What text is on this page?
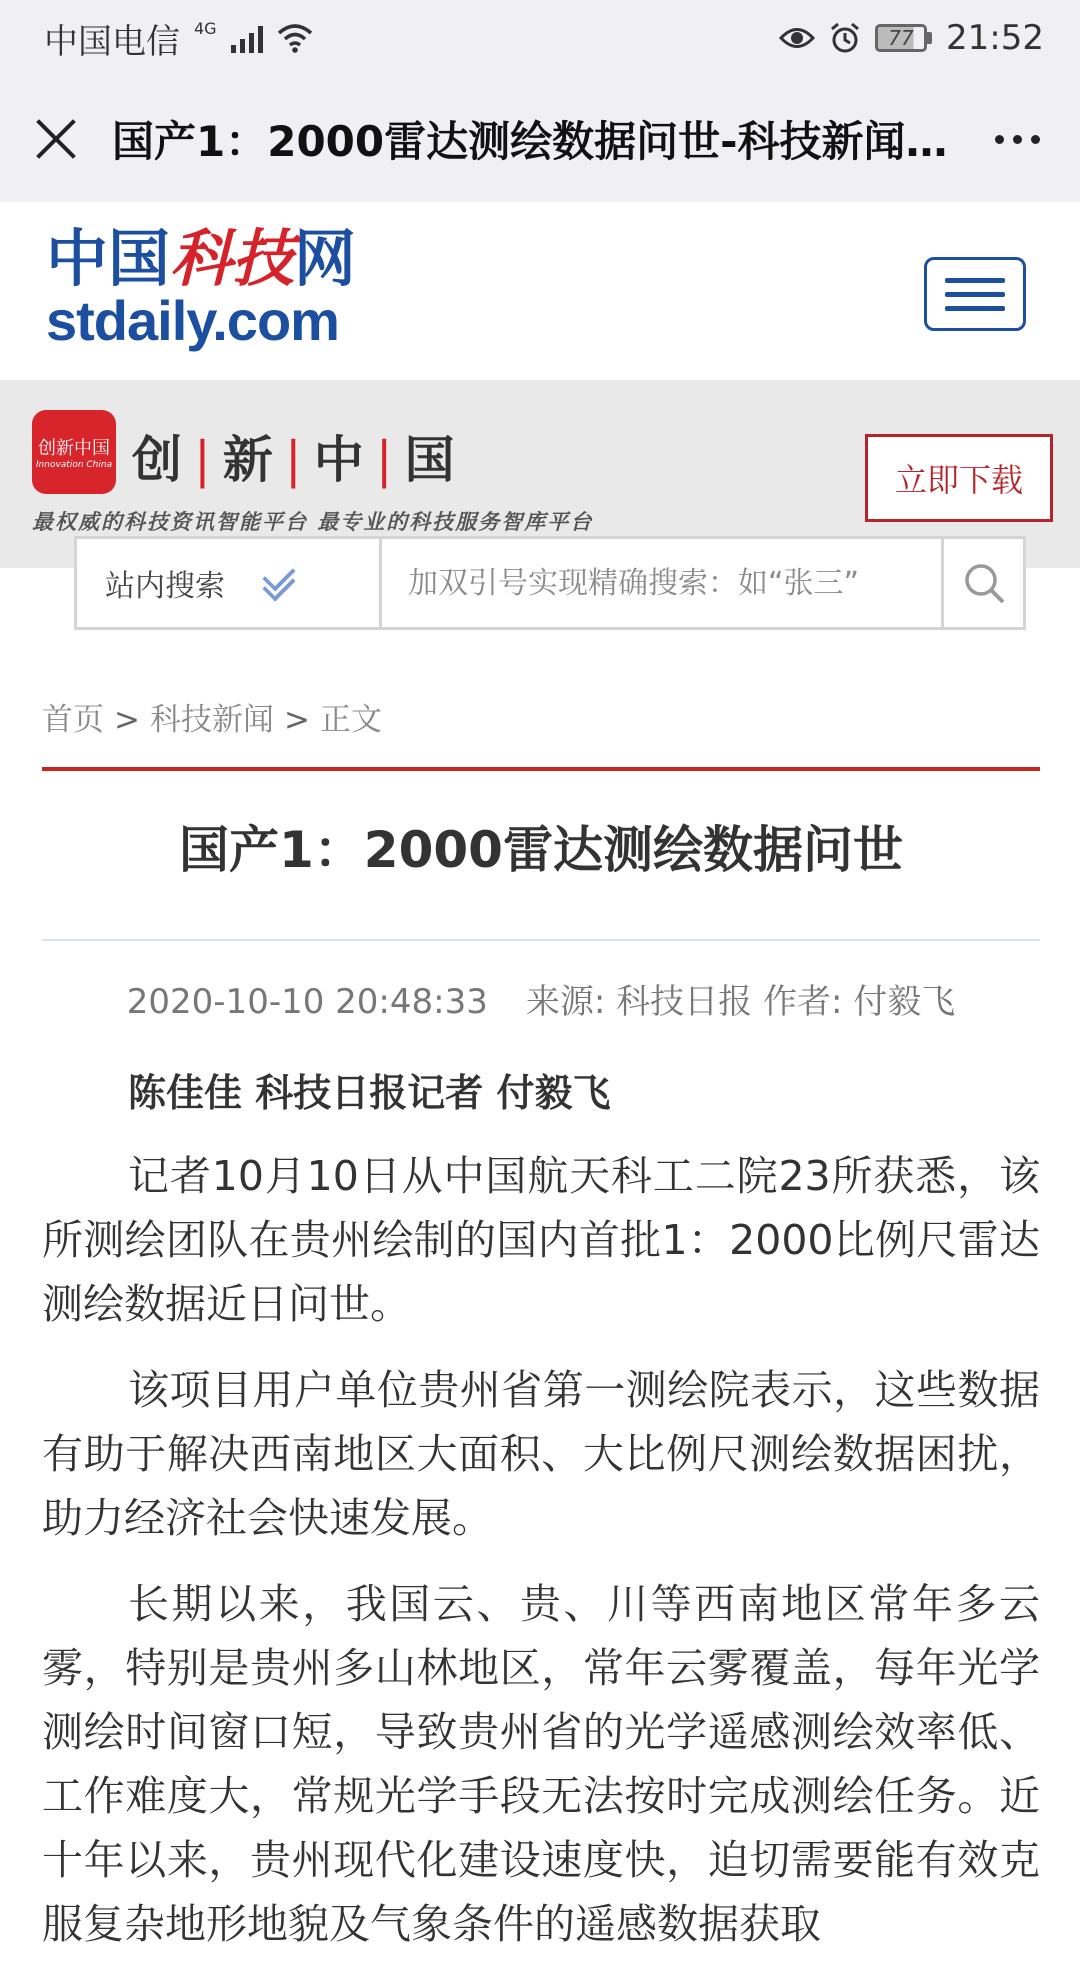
中国电信 4G	77 21:52
国产1：2000雷达测绘数据问世-科技新闻…
中国科技网
stdaily.com
创新中国
Innovation China 创|新|中|国
最权威的科技资讯智能平台 最专业的科技服务智库平台
立即下载
站内搜索
加双引号实现精确搜索：如“张三”
首页 > 科技新闻 > 正文
国产1：2000雷达测绘数据问世
2020-10-10 20:48:33 来源: 科技日报 作者: 付毅飞

陈佳佳 科技日报记者 付毅飞

记者10月10日从中国航天科工二院23所获悉，该所测绘团队在贵州绘制的国内首批1：2000比例尺雷达测绘数据近日问世。

该项目用户单位贵州省第一测绘院表示，这些数据有助于解决西南地区大面积、大比例尺测绘数据困扰，助力经济社会快速发展。

长期以来，我国云、贵、川等西南地区常年多云雾，特别是贵州多山林地区，常年云雾覆盖，每年光学测绘时间窗口短，导致贵州省的光学遥感测绘效率低、工作难度大，常规光学手段无法按时完成测绘任务。近十年以来，贵州现代化建设速度快，迫切需要能有效克服复杂地形地貌及气象条件的遥感数据获取
